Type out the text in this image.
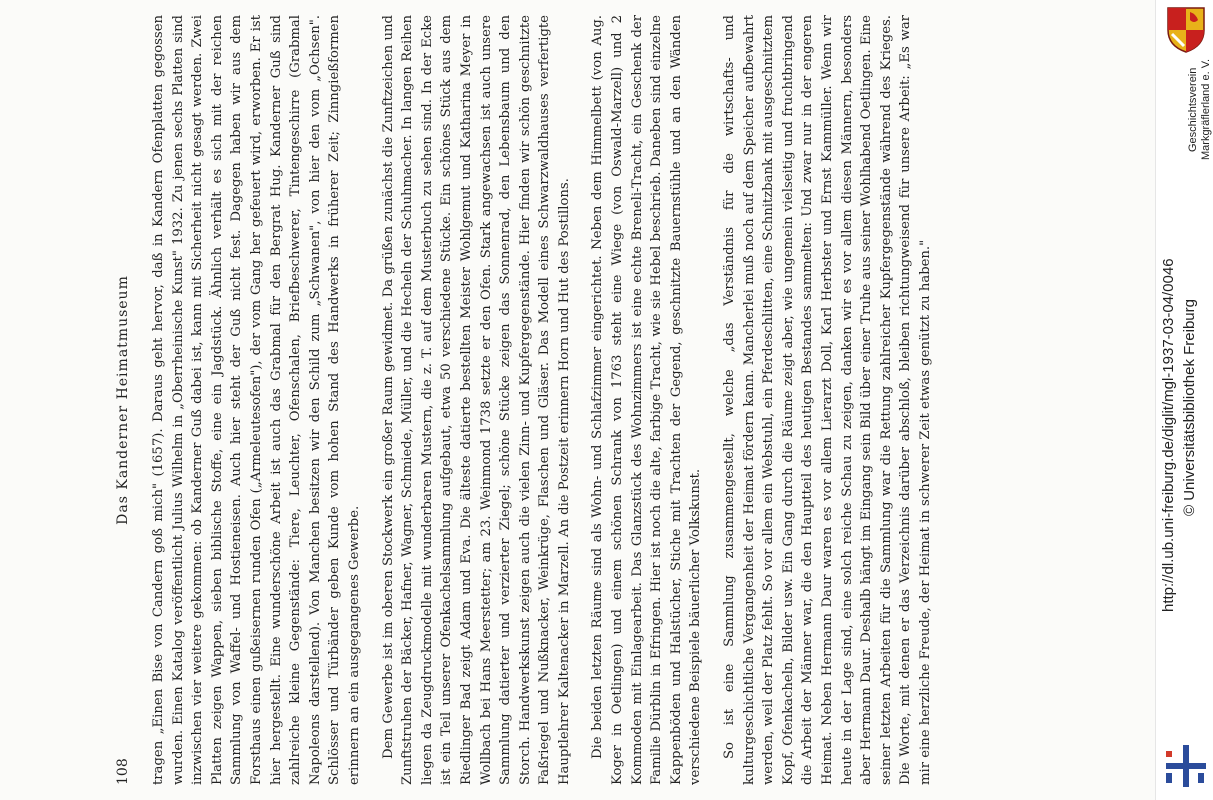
108
Das Kanderner Heimatmuseum tragen „Einen Bise von Candern goß mich" (1657). Daraus geht hervor, daß in Kandern Ofenplatten gegossen wurden. Einen Katalog veröffentlicht Julius Wilhelm in „Oberrheinische Kunst" 1932. Zu jenen sechs Platten sind inzwischen vier weitere gekommen: ob Kanderner Guß dabei ist, kann mit Sicherheit nicht gesagt werden. Zwei Platten zeigen Wappen, sieben biblische Stoffe, eine ein Jagdstück. Ähnlich verhält es sich mit der reichen Sammlung von Waffel- und Hostieneisen. Auch hier steht der Guß nicht fest. Dagegen haben wir aus dem Forsthaus einen gußeisernen runden Ofen („Armeleutesofen"), der vom Gang her gefeuert wird, erworben. Er ist hier hergestellt. Eine wunderschöne Arbeit ist auch das Grabmal für den Bergrat Hug. Kanderner Guß sind zahlreiche kleine Gegenstände: Tiere, Leuchter, Ofenschalen, Briefbeschwerer, Tintengeschirre (Grabmal Napoleons darstellend). Von Manchen besitzen wir den Schild zum „Schwanen", von hier den vom „Ochsen". Schlösser und Türbänder geben Kunde vom hohen Stand des Handwerks in früherer Zeit; Zinngießformen erinnern an ein ausgegangenes Gewerbe. Dem Gewerbe ist im oberen Stockwerk ein großer Raum gewidmet. Da grüßen zunächst die Zunftzeichen und Zunftstruhen der Bäcker, Hafner, Wagner, Schmiede, Müller, und die Hecheln der Schuhmacher. In langen Reihen liegen da Zeugdruckmodelle mit wunderbaren Mustern, die z. T. auf dem Musterbuch zu sehen sind. In der Ecke ist ein Teil unserer Ofenkachelsammlung aufgebaut, etwa 50 verschiedene Stücke. Ein schönes Stück aus dem Riedlinger Bad zeigt Adam und Eva. Die älteste datierte bestellten Meister Wohlgemut und Katharina Meyer in Wollbach bei Hans Meerstetter; am 23. Weinmond 1738 setzte er den Ofen. Stark angewachsen ist auch unsere Sammlung datierter und verzierter Ziegel; schöne Stücke zeigen das Sonnenrad, den Lebensbaum und den Storch. Handwerkskunst zeigen auch die vielen Zinn- und Kupfergegenstände. Hier finden wir schön geschnitzte Faßriegel und Nußknacker, Weinkrüge, Flaschen und Gläser. Das Modell eines Schwarzwaldhauses verfertigte Hauptlehrer Kaltenacker in Marzell. An die Postzeit erinnern Horn und Hut des Postillons. Die beiden letzten Räume sind als Wohn- und Schlafzimmer eingerichtet. Neben dem Himmelbett (von Aug. Koger in Oetlingen) und einem schönen Schrank von 1763 steht eine Wiege (von Oswald-Marzell) und 2 Kommoden mit Einlagearbeit. Das Glanzstück des Wohnzimmers ist eine echte Breneli-Tracht, ein Geschenk der Familie Dürblin in Efringen. Hier ist noch die alte, farbige Tracht, wie sie Hebel beschrieb. Daneben sind einzelne Kappenböden und Halstücher, Stiche mit Trachten der Gegend, geschnitzte Bauernstühle und an den Wänden verschiedene Beispiele bäuerlicher Volkskunst. So ist eine Sammlung zusammengestellt, welche „das Verständnis für die wirtschafts- und kulturgeschichtliche Vergangenheit der Heimat fördern kann. Mancherlei muß noch auf dem Speicher aufbewahrt werden, weil der Platz fehlt. So vor allem ein Webstuhl, ein Pferdeschlitten, eine Schnitzbank mit ausgeschnitztem Kopf, Ofenkacheln, Bilder usw. Ein Gang durch die Räume zeigt aber, wie ungemein vielseitig und fruchtbringend die Arbeit der Männer war, die den Hauptteil des heutigen Bestandes sammelten: Und zwar nur in der engeren Heimat. Neben Hermann Daur waren es vor allem Lierarzt Doll, Karl Herbster und Ernst Kammüller. Wenn wir heute in der Lage sind, eine solch reiche Schau zu zeigen, danken wir es vor allem diesen Männern, besonders aber Hermann Daur. Deshalb hängt im Eingang sein Bild über einer Truhe aus seiner Wohlhabend Oetlingen. Eine seiner letzten Arbeiten für die Sammlung war die Rettung zahlreicher Kupfergegenstände während des Krieges. Die Worte, mit denen er das Verzeichnis darüber abschloß, bleiben richtungweisend für unsere Arbeit: „Es war mir eine herzliche Freude, der Heimat in schwerer Zeit etwas genützt zu haben."

Geschichtsverein Markgräflerland e. V.
http://dl.ub.uni-freiburg.de/diglit/mgl-1937-03-04/0046 © Universitätsbibliothek Freiburg
